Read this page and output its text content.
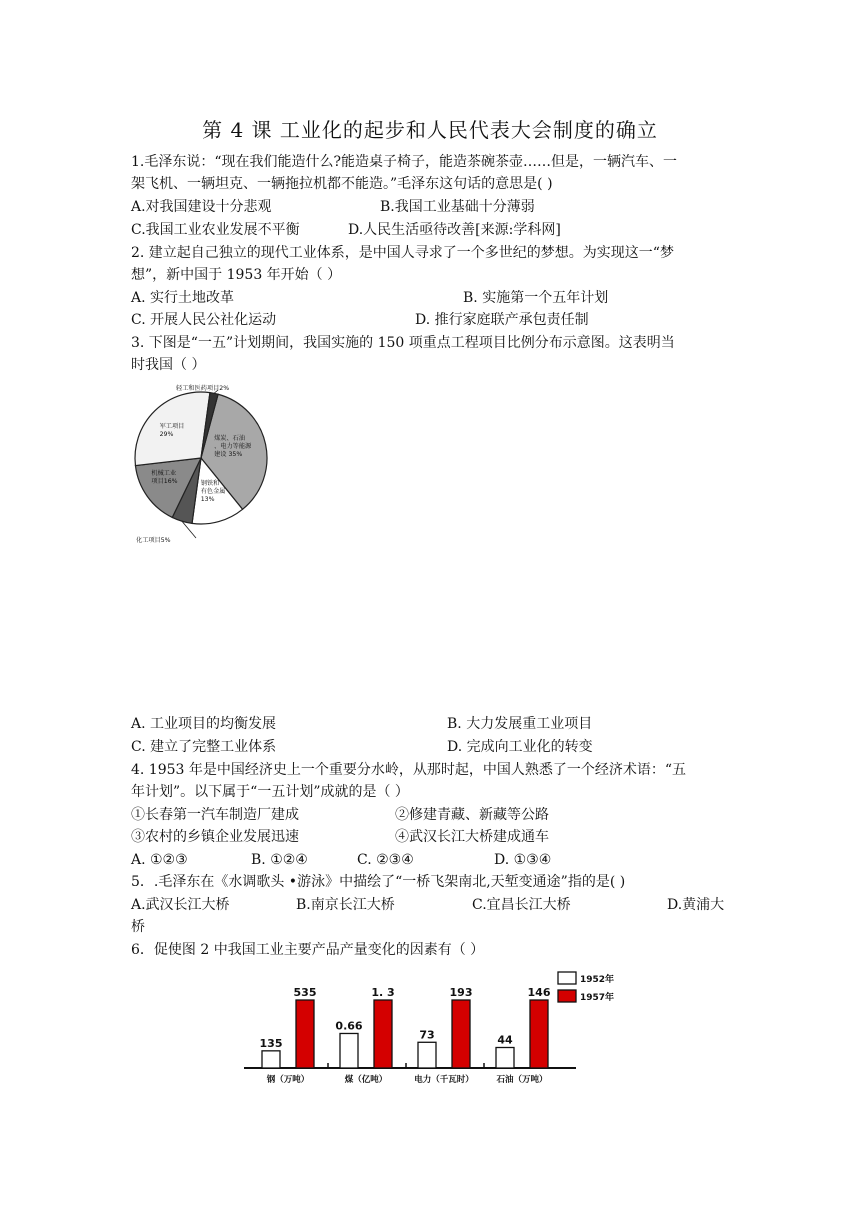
第 4 课 工业化的起步和人民代表大会制度的确立
1.毛泽东说：“现在我们能造什么?能造桌子椅子，能造茶碗茶壶……但是，一辆汽车、一
架飞机、一辆坦克、一辆拖拉机都不能造。”毛泽东这句话的意思是( )
A.对我国建设十分悲观	B.我国工业基础十分薄弱
C.我国工业农业发展不平衡	D.人民生活亟待改善[来源:学科网]
2. 建立起自己独立的现代工业体系，是中国人寻求了一个多世纪的梦想。为实现这一“梦
想”，新中国于 1953 年开始（ ）
A. 实行土地改革	B. 实施第一个五年计划
C. 开展人民公社化运动	D. 推行家庭联产承包责任制
3. 下图是“一五”计划期间，我国实施的 150 项重点工程项目比例分布示意图。这表明当
时我国（ ）
煤炭、石油、电力等能源建设 35%
钢铁和有色金属 13%
机械工业项目16%
军工项目 29%
轻工和医药项目2%
化工项目5%
A. 工业项目的均衡发展	B. 大力发展重工业项目
C. 建立了完整工业体系	D. 完成向工业化的转变
4. 1953 年是中国经济史上一个重要分水岭，从那时起，中国人熟悉了一个经济术语：“五
年计划”。以下属于“一五计划”成就的是（ ）
①长春第一汽车制造厂建成	②修建青藏、新藏等公路
③农村的乡镇企业发展迅速	④武汉长江大桥建成通车
A. ①②③	B. ①②④	C. ②③④	D. ①③④
5．.毛泽东在《水调歌头 •游泳》中描绘了“一桥飞架南北,天堑变通途”指的是( )
A.武汉长江大桥	B.南京长江大桥	C.宜昌长江大桥	D.黄浦大
桥
6．促使图 2 中我国工业主要产品产量变化的因素有（ ）
135
535
钢（万吨）
0.66
1. 3
煤（亿吨）
73
193
电力（千瓦时）
44
146
石油（万吨）
1952年
1957年
